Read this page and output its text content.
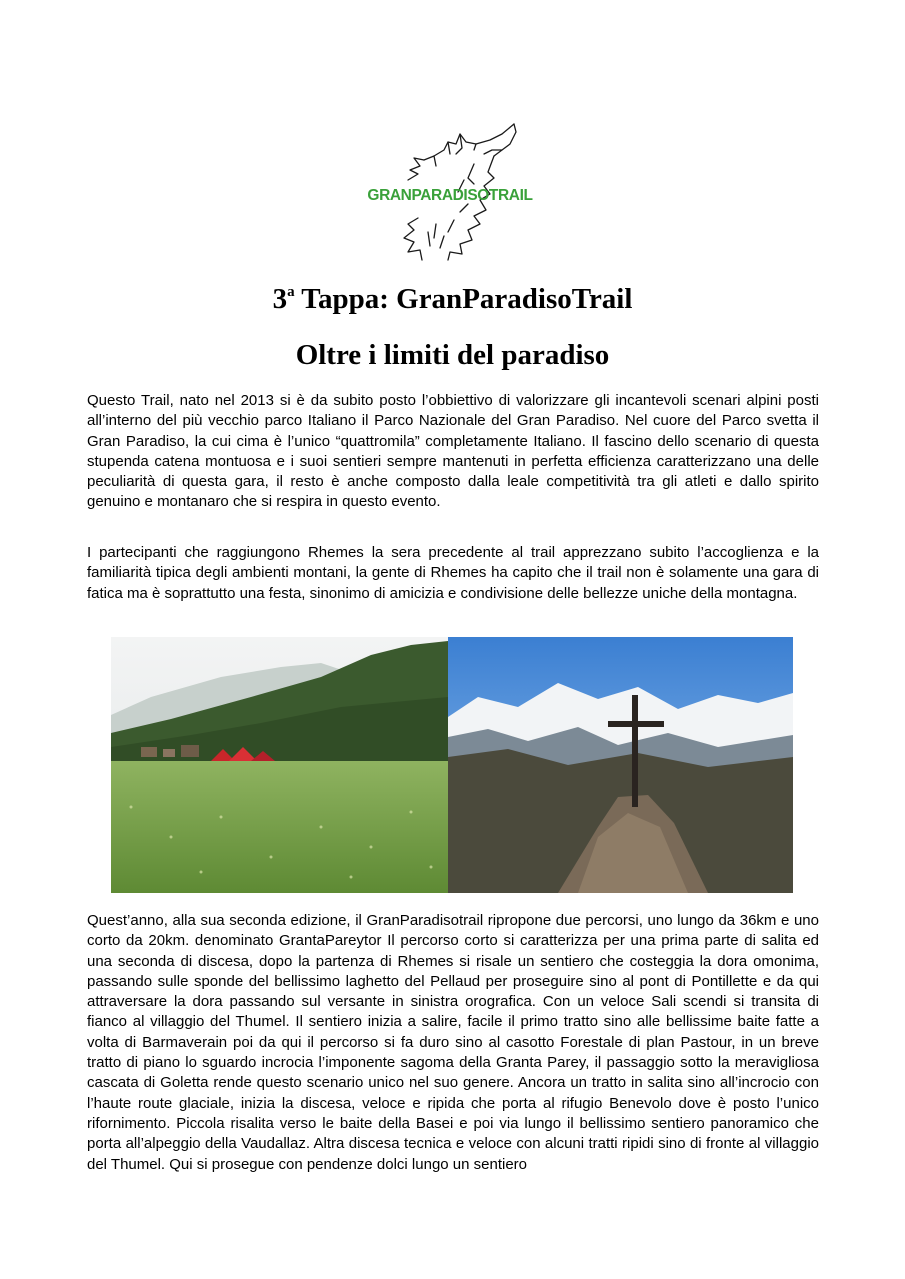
GRANPARADISOTRAIL
3$^a$ Tappa: GranParadisoTrail
Oltre i limiti del paradiso

Questo Trail, nato nel 2013 si è da subito posto l’obbiettivo di valorizzare gli incantevoli scenari alpini posti all’interno del più vecchio parco Italiano il Parco Nazionale del Gran Paradiso. Nel cuore del Parco svetta il Gran Paradiso, la cui cima è l’unico “quattromila” completamente Italiano. Il fascino dello scenario di questa stupenda catena montuosa e i suoi sentieri sempre mantenuti in perfetta efficienza caratterizzano una delle peculiarità di questa gara, il resto è anche composto dalla leale competitività tra gli atleti e dallo spirito genuino e montanaro che si respira in questo evento.

I partecipanti che raggiungono Rhemes la sera precedente al trail apprezzano subito l’accoglienza e la familiarità tipica degli ambienti montani, la gente di Rhemes ha capito che il trail non è solamente una gara di fatica ma è soprattutto una festa, sinonimo di amicizia e condivisione delle bellezze uniche della montagna.

Quest’anno, alla sua seconda edizione, il GranParadisotrail ripropone due percorsi, uno lungo da 36km e uno corto da 20km. denominato GrantaPareytor Il percorso corto si caratterizza per una prima parte di salita ed una seconda di discesa, dopo la partenza di Rhemes si risale un sentiero che costeggia la dora omonima, passando sulle sponde del bellissimo laghetto del Pellaud per proseguire sino al pont di Pontillette e da qui attraversare la dora passando sul versante in sinistra orografica. Con un veloce Sali scendi si transita di fianco al villaggio del Thumel. Il sentiero inizia a salire, facile il primo tratto sino alle bellissime baite fatte a volta di Barmaverain poi da qui il percorso si fa duro sino al casotto Forestale di plan Pastour, in un breve tratto di piano lo sguardo incrocia l’imponente sagoma della Granta Parey, il passaggio sotto la meravigliosa cascata di Goletta rende questo scenario unico nel suo genere. Ancora un tratto in salita sino all’incrocio con l’haute route glaciale, inizia la discesa, veloce e ripida che porta al rifugio Benevolo dove è posto l’unico rifornimento. Piccola risalita verso le baite della Basei e poi via lungo il bellissimo sentiero panoramico che porta all’alpeggio della Vaudallaz. Altra discesa tecnica e veloce con alcuni tratti ripidi sino di fronte al villaggio del Thumel. Qui si prosegue con pendenze dolci lungo un sentiero
